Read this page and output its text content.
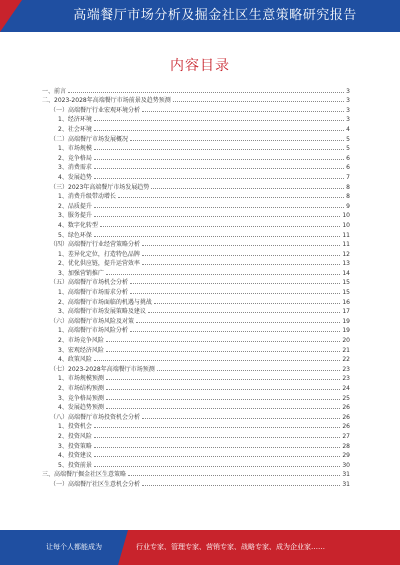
高端餐厅市场分析及掘金社区生意策略研究报告
内容目录
一、前言	3
二、2023-2028年高端餐厅市场前景及趋势预测	3
（一）高端餐厅行业宏观环境分析	3
1、经济环境	3
2、社会环境	4
（二）高端餐厅市场发展概况	5
1、市场规模	5
2、竞争格局	6
3、消费需求	6
4、发展趋势	7
（三）2023年高端餐厅市场发展趋势	8
1、消费升级带动增长	8
2、品质提升	9
3、服务提升	10
4、数字化转型	10
5、绿色环保	11
（四）高端餐厅行业经营策略分析	11
1、差异化定位，打造特色品牌	12
2、优化供应链，提升运营效率	13
3、加强营销推广	14
（五）高端餐厅市场机会分析	15
1、高端餐厅市场需求分析	15
2、高端餐厅市场面临的机遇与挑战	16
3、高端餐厅市场发展策略及建议	17
（六）高端餐厅市场风险及对策	19
1、高端餐厅市场风险分析	19
2、市场竞争风险	20
3、宏观经济风险	21
4、政策风险	22
（七）2023-2028年高端餐厅市场预测	23
1、市场规模预测	23
2、市场结构预测	24
3、竞争格局预测	25
4、发展趋势预测	26
（八）高端餐厅市场投资机会分析	26
1、投资机会	26
2、投资风险	27
3、投资策略	28
4、投资建议	29
5、投资前景	30
三、高端餐厅掘金社区生意策略	31
（一）高端餐厅社区生意机会分析	31
让每个人都能成为	行业专家、管理专家、营销专家、战略专家、成为企业家……
